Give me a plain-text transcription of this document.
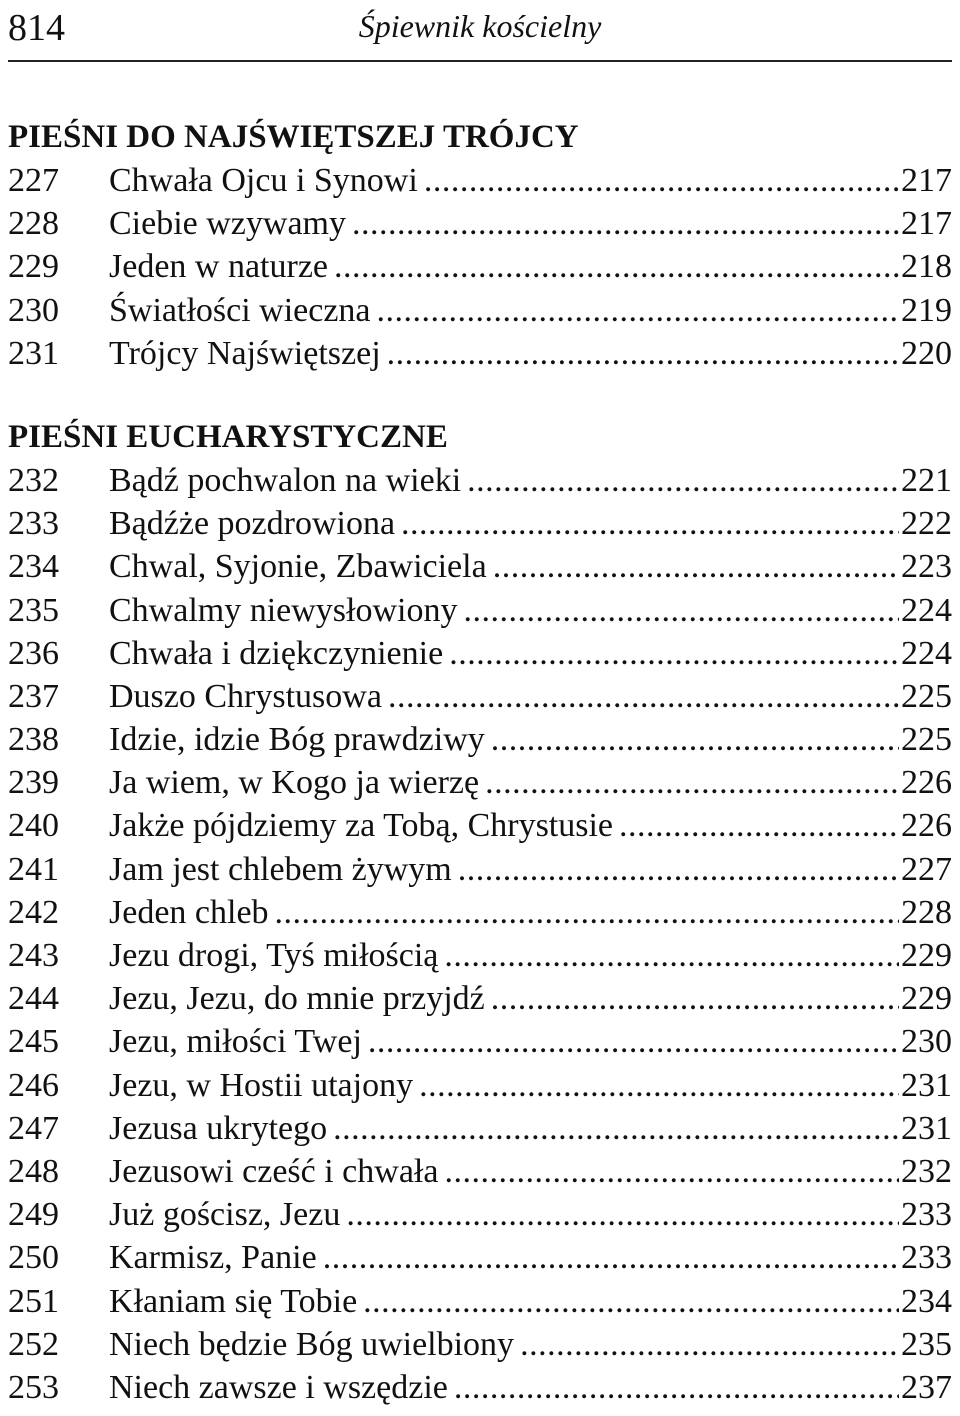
814	Śpiewnik kościelny
PIEŚNI DO NAJŚWIĘTSZEJ TRÓJCY
227	Chwała Ojcu i Synowi .....	217
228	Ciebie wzywamy .....	217
229	Jeden w naturze .....	218
230	Światłości wieczna .....	219
231	Trójcy Najświętszej .....	220
PIEŚNI EUCHARYSTYCZNE
232	Bądź pochwalon na wieki .....	221
233	Bądźże pozdrowiona .....	222
234	Chwal, Syjonie, Zbawiciela .....	223
235	Chwalmy niewysłowiony .....	224
236	Chwała i dziękczynienie .....	224
237	Duszo Chrystusowa .....	225
238	Idzie, idzie Bóg prawdziwy .....	225
239	Ja wiem, w Kogo ja wierzę .....	226
240	Jakże pójdziemy za Tobą, Chrystusie .....	226
241	Jam jest chlebem żywym .....	227
242	Jeden chleb .....	228
243	Jezu drogi, Tyś miłością .....	229
244	Jezu, Jezu, do mnie przyjdź .....	229
245	Jezu, miłości Twej .....	230
246	Jezu, w Hostii utajony .....	231
247	Jezusa ukrytego .....	231
248	Jezusowi cześć i chwała .....	232
249	Już gościsz, Jezu .....	233
250	Karmisz, Panie .....	233
251	Kłaniam się Tobie .....	234
252	Niech będzie Bóg uwielbiony .....	235
253	Niech zawsze i wszędzie .....	237
